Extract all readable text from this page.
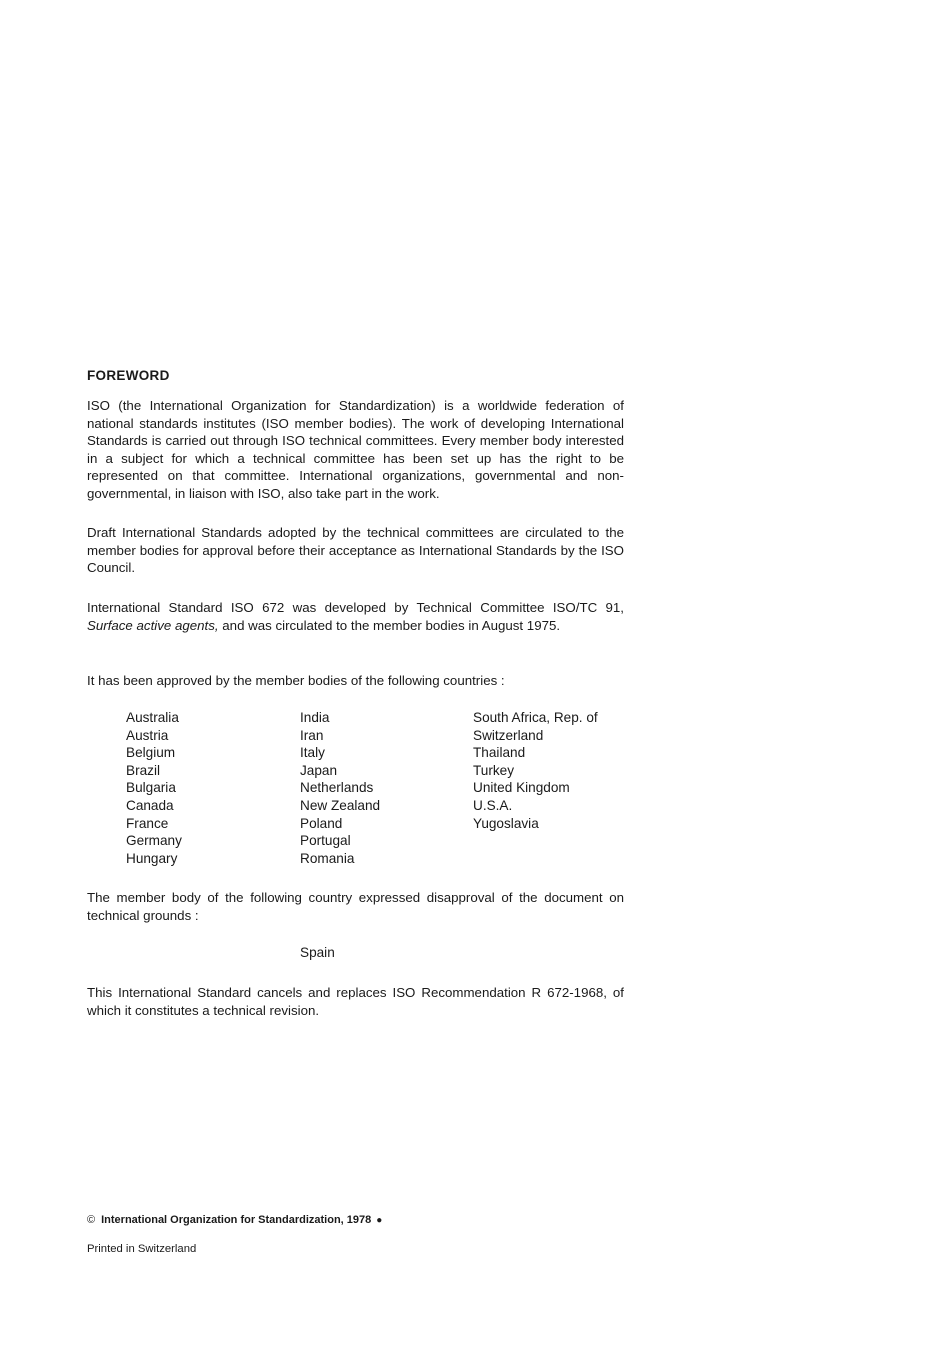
FOREWORD

ISO (the International Organization for Standardization) is a worldwide federation of national standards institutes (ISO member bodies). The work of developing International Standards is carried out through ISO technical committees. Every member body interested in a subject for which a technical committee has been set up has the right to be represented on that committee. International organizations, governmental and non-governmental, in liaison with ISO, also take part in the work.

Draft International Standards adopted by the technical committees are circulated to the member bodies for approval before their acceptance as International Standards by the ISO Council.

International Standard ISO 672 was developed by Technical Committee ISO/TC 91, Surface active agents, and was circulated to the member bodies in August 1975.

It has been approved by the member bodies of the following countries :

Australia
Austria
Belgium
Brazil
Bulgaria
Canada
France
Germany
Hungary
India
Iran
Italy
Japan
Netherlands
New Zealand
Poland
Portugal
Romania
South Africa, Rep. of
Switzerland
Thailand
Turkey
United Kingdom
U.S.A.
Yugoslavia

The member body of the following country expressed disapproval of the document on technical grounds :

Spain

This International Standard cancels and replaces ISO Recommendation R 672-1968, of which it constitutes a technical revision.

© International Organization for Standardization, 1978 ●

Printed in Switzerland
